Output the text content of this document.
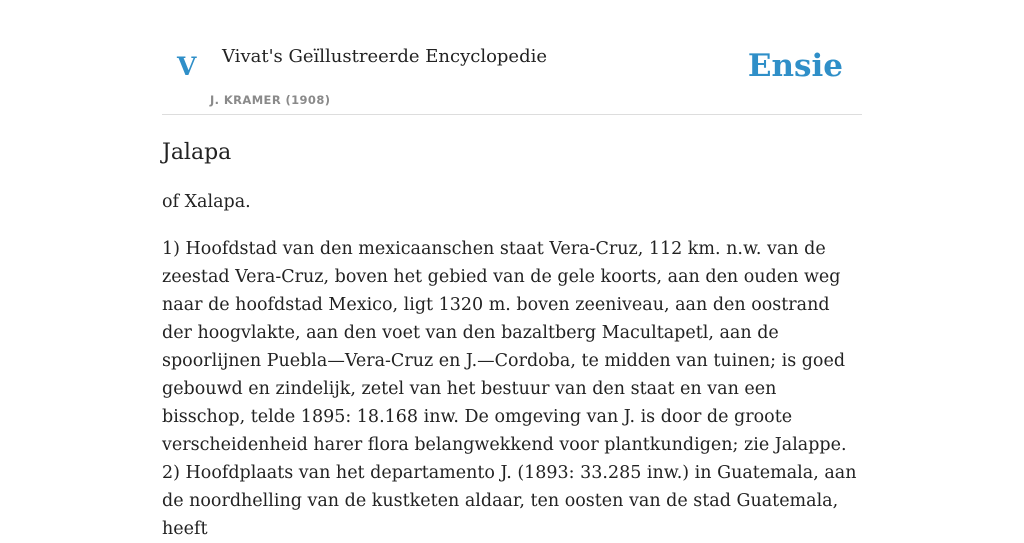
V Vivat's Geïllustreerde Encyclopedie
J. KRAMER (1908)
Ensie
Jalapa

of Xalapa.

1) Hoofdstad van den mexicaanschen staat Vera-Cruz, 112 km. n.w. van de zeestad Vera-Cruz, boven het gebied van de gele koorts, aan den ouden weg naar de hoofdstad Mexico, ligt 1320 m. boven zeeniveau, aan den oostrand der hoogvlakte, aan den voet van den bazaltberg Macultapetl, aan de spoorlijnen Puebla—Vera-Cruz en J.—Cordoba, te midden van tuinen; is goed gebouwd en zindelijk, zetel van het bestuur van den staat en van een bisschop, telde 1895: 18.168 inw. De omgeving van J. is door de groote verscheidenheid harer flora belangwekkend voor plantkundigen; zie Jalappe.

2) Hoofdplaats van het departamento J. (1893: 33.285 inw.) in Guatemala, aan de noordhelling van de kustketen aldaar, ten oosten van de stad Guatemala, heeft
